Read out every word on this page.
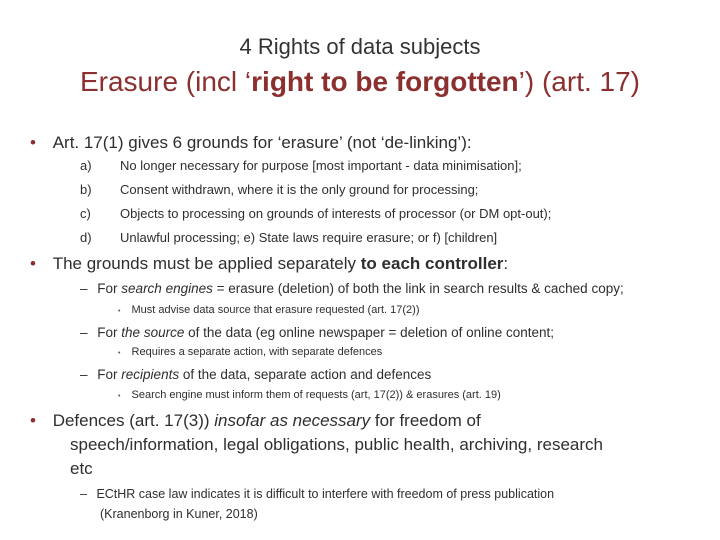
4 Rights of data subjects
Erasure (incl ‘right to be forgotten’) (art. 17)
• Art. 17(1) gives 6 grounds for ‘erasure’ (not ‘de-linking’):
a) No longer necessary for purpose [most important - data minimisation];
b) Consent withdrawn, where it is the only ground for processing;
c) Objects to processing on grounds of interests of processor (or DM opt-out);
d) Unlawful processing; e) State laws require erasure; or f) [children]
• The grounds must be applied separately to each controller:
– For search engines = erasure (deletion) of both the link in search results & cached copy;
• Must advise data source that erasure requested (art. 17(2))
– For the source of the data (eg online newspaper = deletion of online content;
• Requires a separate action, with separate defences
– For recipients of the data, separate action and defences
• Search engine must inform them of requests (art, 17(2)) & erasures (art. 19)
• Defences (art. 17(3)) insofar as necessary for freedom of
speech/information, legal obligations, public health, archiving, research
etc
– ECtHR case law indicates it is difficult to interfere with freedom of press publication
(Kranenborg in Kuner, 2018)
